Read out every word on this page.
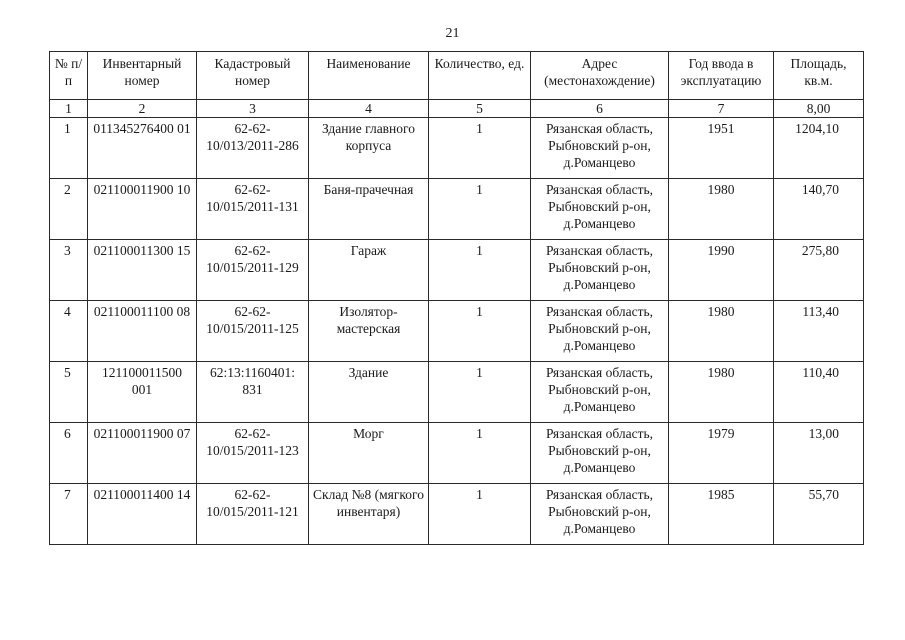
21
№ п/п	Инвентарный номер	Кадастровый номер	Наименование	Количество, ед.	Адрес (местонахождение)	Год ввода в эксплуатацию	Площадь, кв.м.
1	2	3	4	5	6	7	8,00
1	011345276400 01	62-62-10/013/2011-286	Здание главного корпуса	1	Рязанская область, Рыбновский р-он, д.Романцево	1951	1204,10
2	021100011900 10	62-62-10/015/2011-131	Баня-прачечная	1	Рязанская область, Рыбновский р-он, д.Романцево	1980	140,70
3	021100011300 15	62-62-10/015/2011-129	Гараж	1	Рязанская область, Рыбновский р-он, д.Романцево	1990	275,80
4	021100011100 08	62-62-10/015/2011-125	Изолятор-мастерская	1	Рязанская область, Рыбновский р-он, д.Романцево	1980	113,40
5	121100011500 001	62:13:1160401: 831	Здание	1	Рязанская область, Рыбновский р-он, д.Романцево	1980	110,40
6	021100011900 07	62-62-10/015/2011-123	Морг	1	Рязанская область, Рыбновский р-он, д.Романцево	1979	13,00
7	021100011400 14	62-62-10/015/2011-121	Склад №8 (мягкого инвентаря)	1	Рязанская область, Рыбновский р-он, д.Романцево	1985	55,70
